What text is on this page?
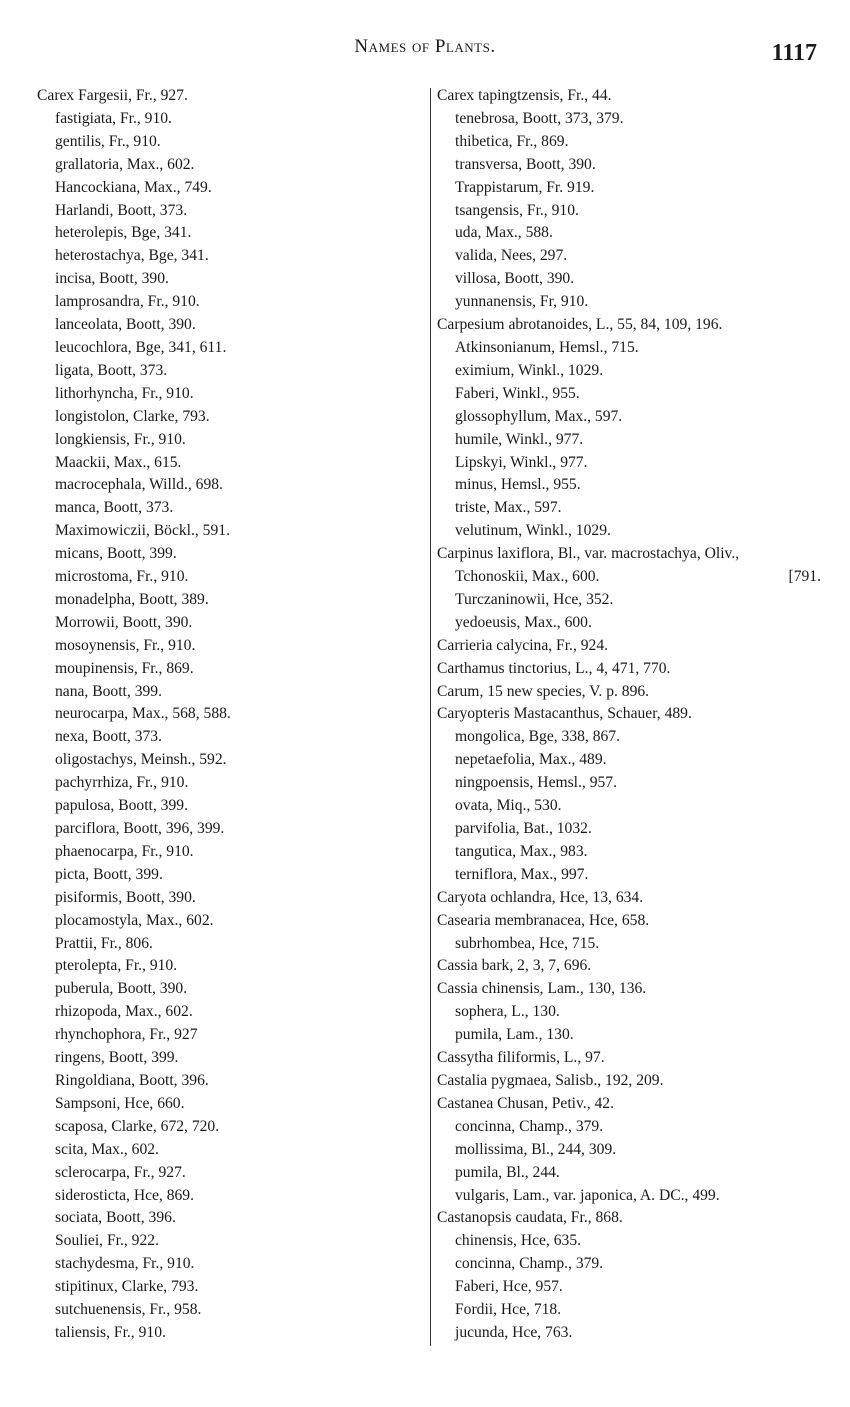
Names of Plants.	1117
Carex Fargesii, Fr., 927.
fastigiata, Fr., 910.
gentilis, Fr., 910.
grallatoria, Max., 602.
Hancockiana, Max., 749.
Harlandi, Boott, 373.
heterolepis, Bge, 341.
heterostachya, Bge, 341.
incisa, Boott, 390.
lamprosandra, Fr., 910.
lanceolata, Boott, 390.
leucochlora, Bge, 341, 611.
ligata, Boott, 373.
lithorhyncha, Fr., 910.
longistolon, Clarke, 793.
longkiensis, Fr., 910.
Maackii, Max., 615.
macrocephala, Willd., 698.
manca, Boott, 373.
Maximowiczii, Böckl., 591.
micans, Boott, 399.
microstoma, Fr., 910.
monadelpha, Boott, 389.
Morrowii, Boott, 390.
mosoynensis, Fr., 910.
moupinensis, Fr., 869.
nana, Boott, 399.
neurocarpa, Max., 568, 588.
nexa, Boott, 373.
oligostachys, Meinsh., 592.
pachyrrhiza, Fr., 910.
papulosa, Boott, 399.
parciflora, Boott, 396, 399.
phaenocarpa, Fr., 910.
picta, Boott, 399.
pisiformis, Boott, 390.
plocamostyla, Max., 602.
Prattii, Fr., 806.
pterolepta, Fr., 910.
puberula, Boott, 390.
rhizopoda, Max., 602.
rhynchophora, Fr., 927
ringens, Boott, 399.
Ringoldiana, Boott, 396.
Sampsoni, Hce, 660.
scaposa, Clarke, 672, 720.
scita, Max., 602.
sclerocarpa, Fr., 927.
siderosticta, Hce, 869.
sociata, Boott, 396.
Souliei, Fr., 922.
stachydesma, Fr., 910.
stipitinux, Clarke, 793.
sutchuenensis, Fr., 958.
taliensis, Fr., 910.
Carex tapingtzensis, Fr., 44.
tenebrosa, Boott, 373, 379.
thibetica, Fr., 869.
transversa, Boott, 390.
Trappistarum, Fr. 919.
tsangensis, Fr., 910.
uda, Max., 588.
valida, Nees, 297.
villosa, Boott, 390.
yunnanensis, Fr, 910.
Carpesium abrotanoides, L., 55, 84, 109, 196.
Atkinsonianum, Hemsl., 715.
eximium, Winkl., 1029.
Faberi, Winkl., 955.
glossophyllum, Max., 597.
humile, Winkl., 977.
Lipskyi, Winkl., 977.
minus, Hemsl., 955.
triste, Max., 597.
velutinum, Winkl., 1029.
Carpinus laxiflora, Bl., var. macrostachya, Oliv.,
Tchonoskii, Max., 600.	[791.
Turczaninowii, Hce, 352.
yedoeusis, Max., 600.
Carrieria calycina, Fr., 924.
Carthamus tinctorius, L., 4, 471, 770.
Carum, 15 new species, V. p. 896.
Caryopteris Mastacanthus, Schauer, 489.
mongolica, Bge, 338, 867.
nepetaefolia, Max., 489.
ningpoensis, Hemsl., 957.
ovata, Miq., 530.
parvifolia, Bat., 1032.
tangutica, Max., 983.
terniflora, Max., 997.
Caryota ochlandra, Hce, 13, 634.
Casearia membranacea, Hce, 658.
subrhombea, Hce, 715.
Cassia bark, 2, 3, 7, 696.
Cassia chinensis, Lam., 130, 136.
sophera, L., 130.
pumila, Lam., 130.
Cassytha filiformis, L., 97.
Castalia pygmaea, Salisb., 192, 209.
Castanea Chusan, Petiv., 42.
concinna, Champ., 379.
mollissima, Bl., 244, 309.
pumila, Bl., 244.
vulgaris, Lam., var. japonica, A. DC., 499.
Castanopsis caudata, Fr., 868.
chinensis, Hce, 635.
concinna, Champ., 379.
Faberi, Hce, 957.
Fordii, Hce, 718.
jucunda, Hce, 763.
